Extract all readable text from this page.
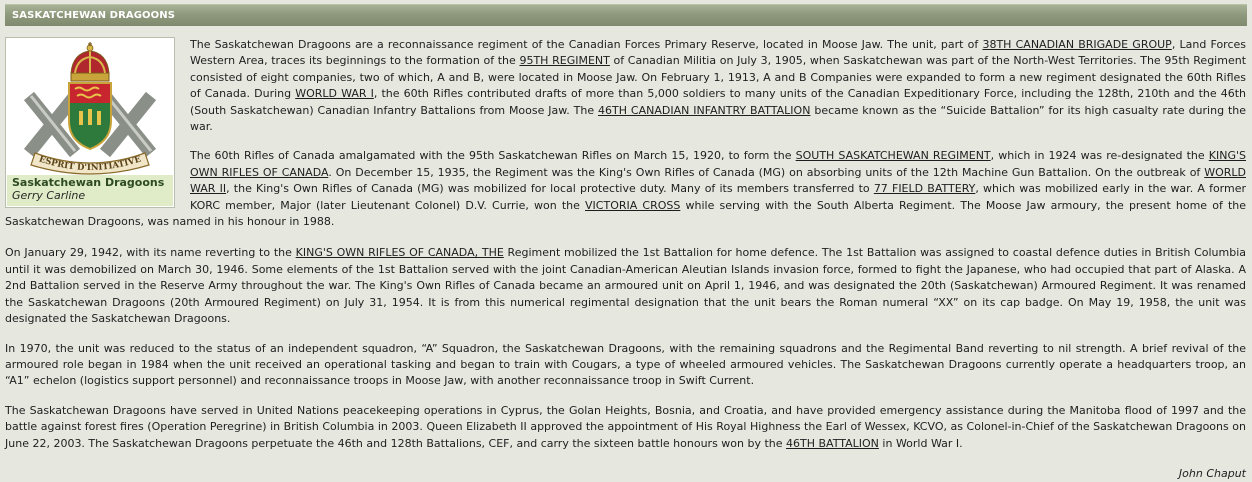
SASKATCHEWAN DRAGOONS
ESPRIT D'INITIATIVE
Saskatchewan Dragoons
Gerry Carline

The Saskatchewan Dragoons are a reconnaissance regiment of the Canadian Forces Primary Reserve, located in Moose Jaw. The unit, part of 38TH CANADIAN BRIGADE GROUP, Land Forces Western Area, traces its beginnings to the formation of the 95TH REGIMENT of Canadian Militia on July 3, 1905, when Saskatchewan was part of the North-West Territories. The 95th Regiment consisted of eight companies, two of which, A and B, were located in Moose Jaw. On February 1, 1913, A and B Companies were expanded to form a new regiment designated the 60th Rifles of Canada. During WORLD WAR I, the 60th Rifles contributed drafts of more than 5,000 soldiers to many units of the Canadian Expeditionary Force, including the 128th, 210th and the 46th (South Saskatchewan) Canadian Infantry Battalions from Moose Jaw. The 46TH CANADIAN INFANTRY BATTALION became known as the “Suicide Battalion” for its high casualty rate during the war.

The 60th Rifles of Canada amalgamated with the 95th Saskatchewan Rifles on March 15, 1920, to form the SOUTH SASKATCHEWAN REGIMENT, which in 1924 was re-designated the KING'S OWN RIFLES OF CANADA. On December 15, 1935, the Regiment was the King's Own Rifles of Canada (MG) on absorbing units of the 12th Machine Gun Battalion. On the outbreak of WORLD WAR II, the King's Own Rifles of Canada (MG) was mobilized for local protective duty. Many of its members transferred to 77 FIELD BATTERY, which was mobilized early in the war. A former KORC member, Major (later Lieutenant Colonel) D.V. Currie, won the VICTORIA CROSS while serving with the South Alberta Regiment. The Moose Jaw armoury, the present home of the Saskatchewan Dragoons, was named in his honour in 1988.

On January 29, 1942, with its name reverting to the KING'S OWN RIFLES OF CANADA, THE Regiment mobilized the 1st Battalion for home defence. The 1st Battalion was assigned to coastal defence duties in British Columbia until it was demobilized on March 30, 1946. Some elements of the 1st Battalion served with the joint Canadian-American Aleutian Islands invasion force, formed to fight the Japanese, who had occupied that part of Alaska. A 2nd Battalion served in the Reserve Army throughout the war. The King's Own Rifles of Canada became an armoured unit on April 1, 1946, and was designated the 20th (Saskatchewan) Armoured Regiment. It was renamed the Saskatchewan Dragoons (20th Armoured Regiment) on July 31, 1954. It is from this numerical regimental designation that the unit bears the Roman numeral “XX” on its cap badge. On May 19, 1958, the unit was designated the Saskatchewan Dragoons.

In 1970, the unit was reduced to the status of an independent squadron, “A” Squadron, the Saskatchewan Dragoons, with the remaining squadrons and the Regimental Band reverting to nil strength. A brief revival of the armoured role began in 1984 when the unit received an operational tasking and began to train with Cougars, a type of wheeled armoured vehicles. The Saskatchewan Dragoons currently operate a headquarters troop, an “A1” echelon (logistics support personnel) and reconnaissance troops in Moose Jaw, with another reconnaissance troop in Swift Current.

The Saskatchewan Dragoons have served in United Nations peacekeeping operations in Cyprus, the Golan Heights, Bosnia, and Croatia, and have provided emergency assistance during the Manitoba flood of 1997 and the battle against forest fires (Operation Peregrine) in British Columbia in 2003. Queen Elizabeth II approved the appointment of His Royal Highness the Earl of Wessex, KCVO, as Colonel-in-Chief of the Saskatchewan Dragoons on June 22, 2003. The Saskatchewan Dragoons perpetuate the 46th and 128th Battalions, CEF, and carry the sixteen battle honours won by the 46TH BATTALION in World War I.

John Chaput
